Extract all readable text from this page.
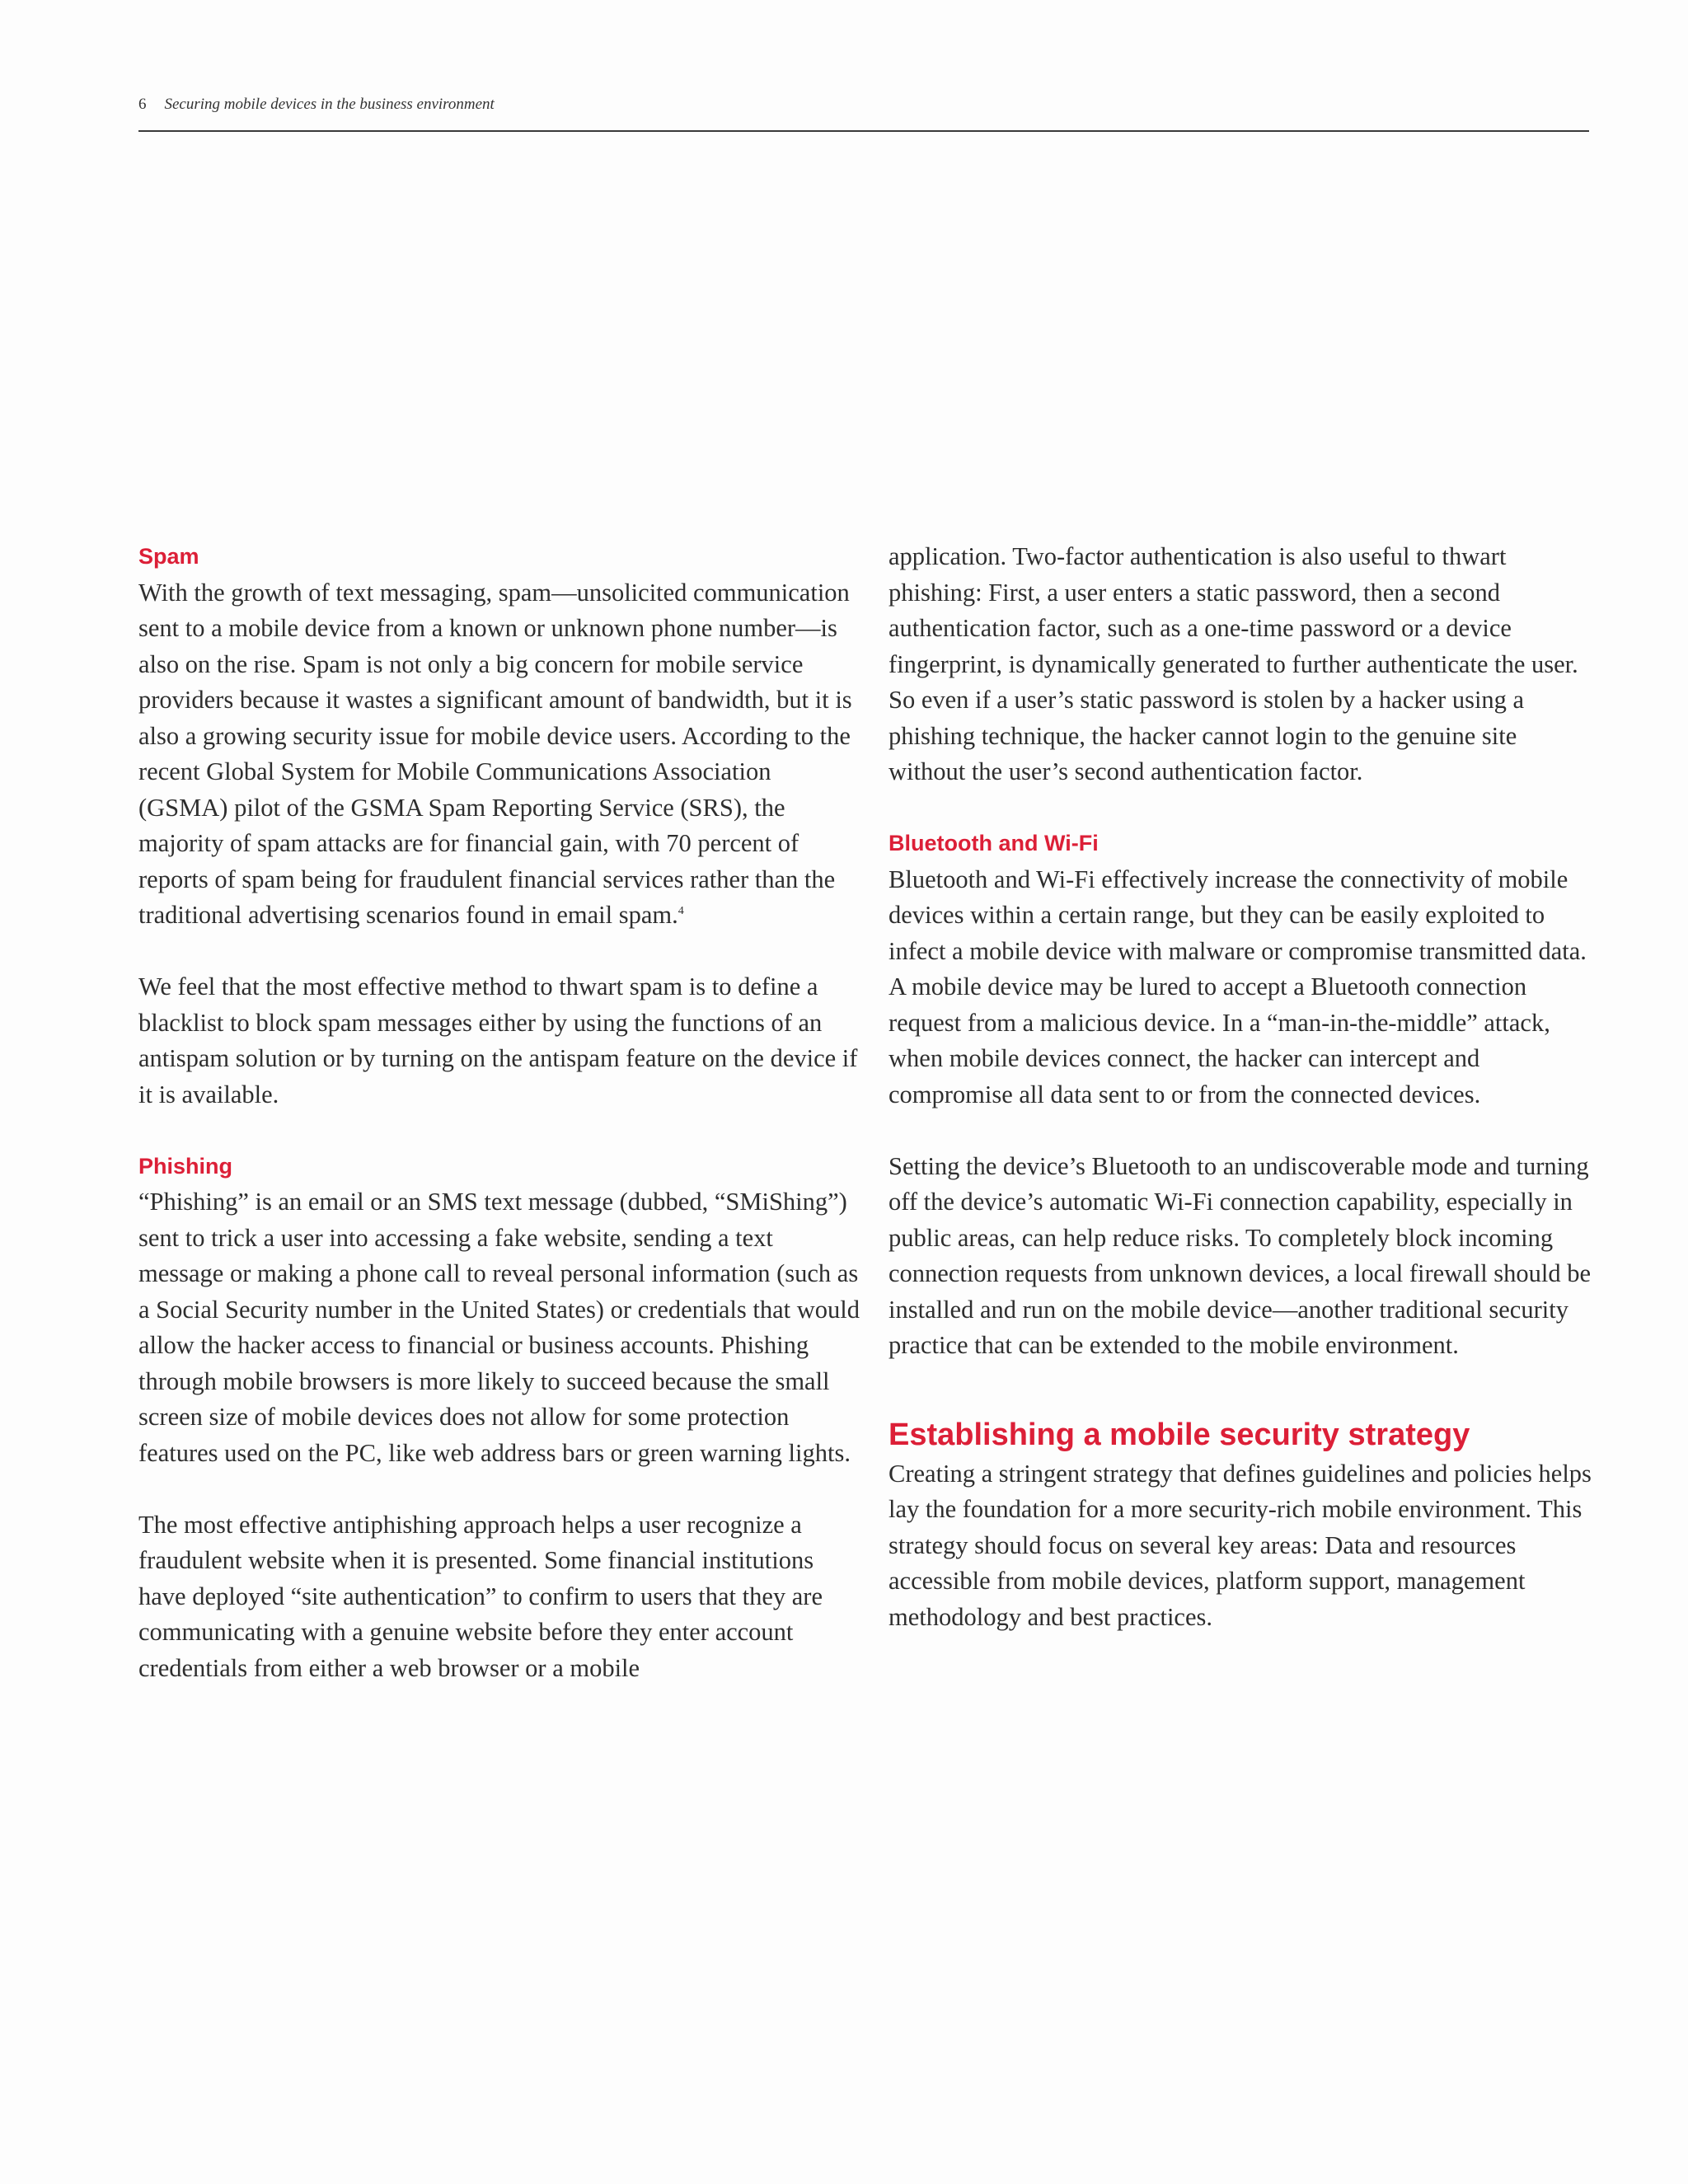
6 Securing mobile devices in the business environment
Spam

With the growth of text messaging, spam—unsolicited communication sent to a mobile device from a known or unknown phone number—is also on the rise. Spam is not only a big concern for mobile service providers because it wastes a significant amount of bandwidth, but it is also a growing security issue for mobile device users. According to the recent Global System for Mobile Communications Association (GSMA) pilot of the GSMA Spam Reporting Service (SRS), the majority of spam attacks are for financial gain, with 70 percent of reports of spam being for fraudulent financial services rather than the traditional advertising scenarios found in email spam.$^4$

We feel that the most effective method to thwart spam is to define a blacklist to block spam messages either by using the functions of an antispam solution or by turning on the antispam feature on the device if it is available.

Phishing

“Phishing” is an email or an SMS text message (dubbed, “SMiShing”) sent to trick a user into accessing a fake website, sending a text message or making a phone call to reveal personal information (such as a Social Security number in the United States) or credentials that would allow the hacker access to financial or business accounts. Phishing through mobile browsers is more likely to succeed because the small screen size of mobile devices does not allow for some protection features used on the PC, like web address bars or green warning lights.

The most effective antiphishing approach helps a user recognize a fraudulent website when it is presented. Some financial institutions have deployed “site authentication” to confirm to users that they are communicating with a genuine website before they enter account credentials from either a web browser or a mobile

application. Two-factor authentication is also useful to thwart phishing: First, a user enters a static password, then a second authentication factor, such as a one-time password or a device fingerprint, is dynamically generated to further authenticate the user. So even if a user’s static password is stolen by a hacker using a phishing technique, the hacker cannot login to the genuine site without the user’s second authentication factor.

Bluetooth and Wi-Fi

Bluetooth and Wi-Fi effectively increase the connectivity of mobile devices within a certain range, but they can be easily exploited to infect a mobile device with malware or compromise transmitted data. A mobile device may be lured to accept a Bluetooth connection request from a malicious device. In a “man-in-the-middle” attack, when mobile devices connect, the hacker can intercept and compromise all data sent to or from the connected devices.

Setting the device’s Bluetooth to an undiscoverable mode and turning off the device’s automatic Wi-Fi connection capability, especially in public areas, can help reduce risks. To completely block incoming connection requests from unknown devices, a local firewall should be installed and run on the mobile device—another traditional security practice that can be extended to the mobile environment.

Establishing a mobile security strategy

Creating a stringent strategy that defines guidelines and policies helps lay the foundation for a more security-rich mobile environment. This strategy should focus on several key areas: Data and resources accessible from mobile devices, platform support, management methodology and best practices.
